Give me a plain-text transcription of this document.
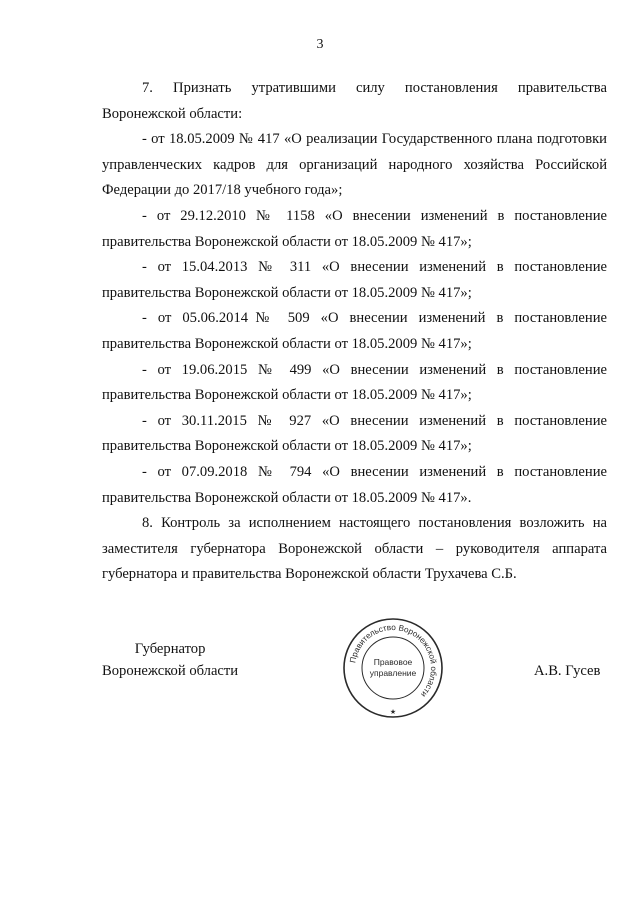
3

7. Признать утратившими силу постановления правительства Воронежской области:

- от 18.05.2009 № 417 «О реализации Государственного плана подготовки управленческих кадров для организаций народного хозяйства Российской Федерации до 2017/18 учебного года»;

- от 29.12.2010 № 1158 «О внесении изменений в постановление правительства Воронежской области от 18.05.2009 № 417»;

- от 15.04.2013 № 311 «О внесении изменений в постановление правительства Воронежской области от 18.05.2009 № 417»;

- от 05.06.2014№ 509 «О внесении изменений в постановление правительства Воронежской области от 18.05.2009 № 417»;

- от 19.06.2015 № 499 «О внесении изменений в постановление правительства Воронежской области от 18.05.2009 № 417»;

- от 30.11.2015 № 927 «О внесении изменений в постановление правительства Воронежской области от 18.05.2009 № 417»;

- от 07.09.2018 № 794 «О внесении изменений в постановление правительства Воронежской области от 18.05.2009 № 417».

8. Контроль за исполнением настоящего постановления возложить на заместителя губернатора Воронежской области – руководителя аппарата губернатора и правительства Воронежской области Трухачева С.Б.

Губернатор
Воронежской области
Правительство Воронежской области
Правовое
управление
★
А.В. Гусев
